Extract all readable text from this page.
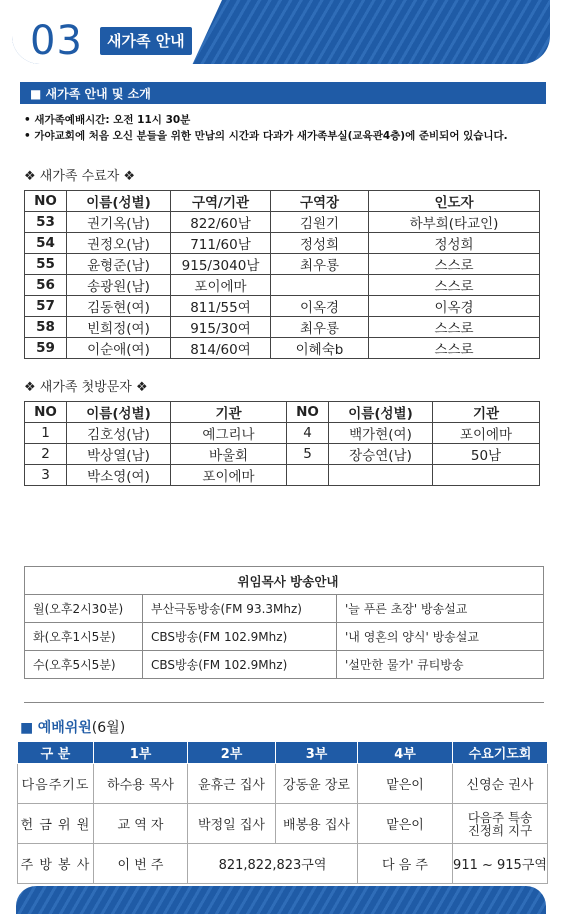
03	새가족 안내
■ 새가족 안내 및 소개
• 새가족예배시간: 오전 11시 30분
• 가야교회에 처음 오신 분들을 위한 만남의 시간과 다과가 새가족부실(교육관4층)에 준비되어 있습니다.
❖ 새가족 수료자 ❖
NO	이름(성별)	구역/기관	구역장	인도자
53	권기옥(남)	822/60남	김원기	하부희(타교인)
54	권정오(남)	711/60남	정성희	정성희
55	윤형준(남)	915/3040남	최우룡	스스로
56	송광원(남)	포이에마		스스로
57	김동현(여)	811/55여	이옥경	이옥경
58	빈희정(여)	915/30여	최우룡	스스로
59	이순애(여)	814/60여	이혜숙b	스스로
❖ 새가족 첫방문자 ❖
NO	이름(성별)	기관	NO	이름(성별)	기관
1	김호성(남)	예그리나	4	백가현(여)	포이에마
2	박상열(남)	바울회	5	장승연(남)	50남
3	박소영(여)	포이에마			
위임목사 방송안내		
월(오후2시30분)	부산극동방송(FM 93.3Mhz)	'늘 푸른 초장' 방송설교
화(오후1시5분)	CBS방송(FM 102.9Mhz)	'내 영혼의 양식' 방송설교
수(오후5시5분)	CBS방송(FM 102.9Mhz)	'설만한 물가' 큐티방송
■ 예배위원(6월)
구 분	1부	2부	3부	4부	수요기도회
다음주기도	하수용 목사	윤휴근 집사	강동윤 장로	맡은이	신영순 권사
헌 금 위 원	교 역 자	박정일 집사	배봉용 집사	맡은이	다음주 특송
진정희 지구

주 방 봉 사	이 번 주	821,822,823구역		다 음 주	911 ~ 915구역
